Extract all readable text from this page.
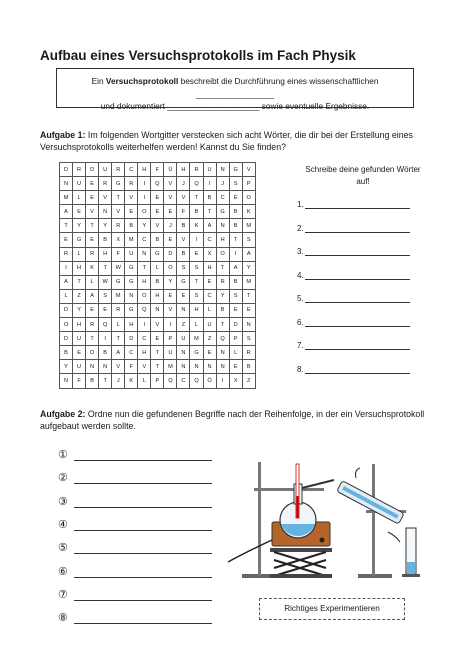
Aufbau eines Versuchsprotokolls im Fach Physik
Ein Versuchsprotokoll beschreibt die Durchführung eines wissenschaftlichen _________________
und dokumentiert ____________________ sowie eventuelle Ergebnisse.
Aufgabe 1: Im folgenden Wortgitter verstecken sich acht Wörter, die dir bei der Erstellung eines Versuchsprotokolls weiterhelfen werden! Kannst du Sie finden?
D	R	D	U	R	C	H	F	Ü	H	R	U	N	G	V
N	U	E	R	G	R	I	Q	V	J	Q	I	J	S	P
M	L	E	V	T	V	I	E	V	V	T	B	C	É	O
A	E	V	N	V	E	O	E	E	F	B	T	G	B	K
T	Y	T	Y	R	B	Y	V	J	B	K	A	N	B	M
E	G	E	B	X	M	C	B	E	V	I	C	H	T	S
R	L	R	H	F	U	N	G	D	B	E	X	O	I	A
I	H	K	T	W	G	T	L	O	S	S	H	T	A	Y
A	T	L	W	G	G	H	B	Y	G	T	E	R	B	M
L	Z	A	S	M	N	O	H	E	E	S	C	Y	S	T
D	Y	E	E	R	G	Q	N	V	N	H	L	B	E	E
O	H	R	Q	L	H	I	V	I	Z	L	U	T	D	N
D	U	T	I	T	D	C	E	P	U	M	Z	Q	P	S
B	E	O	B	A	C	H	T	U	N	G	E	N	L	R
Y	U	N	N	V	F	V	T	M	N	N	N	N	E	B
N	F	B	T	J	K	L	P	Q	C	Q	Ö	I	X	Z
Schreibe deine gefunden Wörter auf!
1.
2.
3.
4.
5.
6.
7.
8.
Aufgabe 2: Ordne nun die gefundenen Begriffe nach der Reihenfolge, in der ein Versuchsprotokoll aufgebaut werden sollte.
①
②
③
④
⑤
⑥
⑦
⑧
Richtiges Experimentieren
